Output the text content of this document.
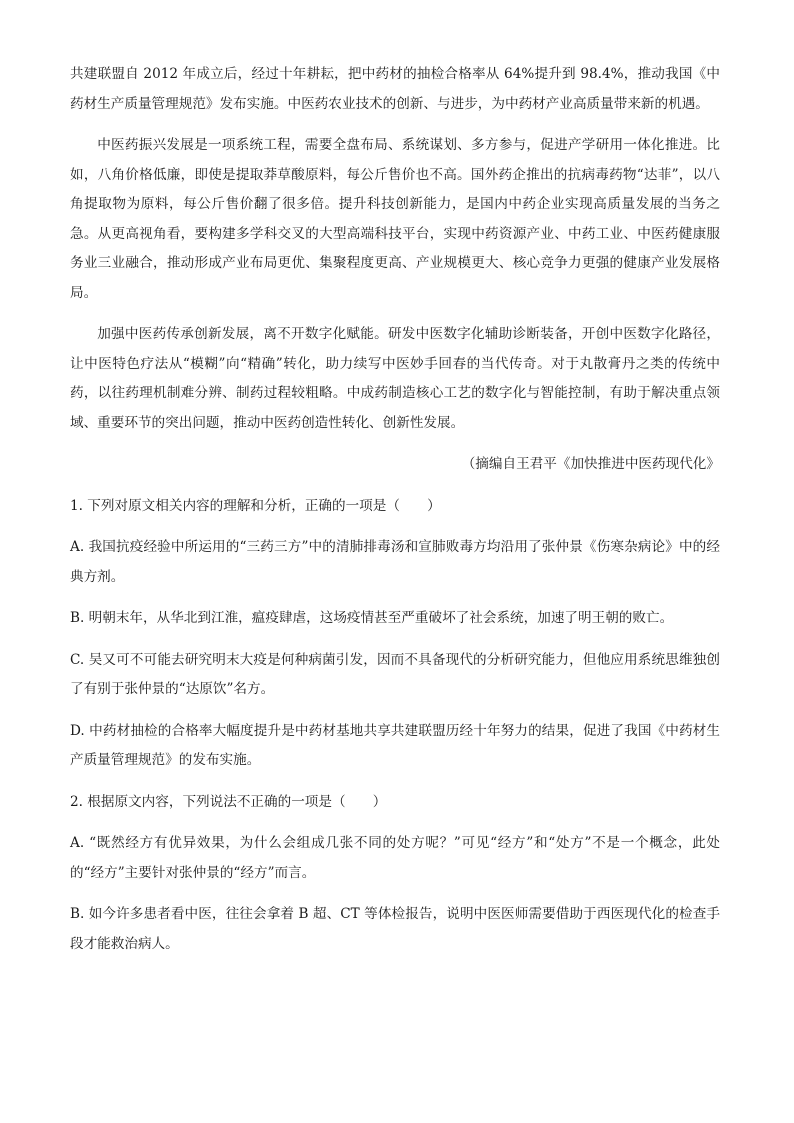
共建联盟自 2012 年成立后，经过十年耕耘，把中药材的抽检合格率从 64%提升到 98.4%，推动我国《中药材生产质量管理规范》发布实施。中医药农业技术的创新、与进步，为中药材产业高质量带来新的机遇。

中医药振兴发展是一项系统工程，需要全盘布局、系统谋划、多方参与，促进产学研用一体化推进。比如，八角价格低廉，即使是提取莽草酸原料，每公斤售价也不高。国外药企推出的抗病毒药物“达菲”，以八角提取物为原料，每公斤售价翻了很多倍。提升科技创新能力，是国内中药企业实现高质量发展的当务之急。从更高视角看，要构建多学科交叉的大型高端科技平台，实现中药资源产业、中药工业、中医药健康服务业三业融合，推动形成产业布局更优、集聚程度更高、产业规模更大、核心竞争力更强的健康产业发展格局。

加强中医药传承创新发展，离不开数字化赋能。研发中医数字化辅助诊断装备，开创中医数字化路径，让中医特色疗法从“模糊”向“精确”转化，助力续写中医妙手回春的当代传奇。对于丸散膏丹之类的传统中药，以往药理机制难分辨、制药过程较粗略。中成药制造核心工艺的数字化与智能控制，有助于解决重点领域、重要环节的突出问题，推动中医药创造性转化、创新性发展。

（摘编自王君平《加快推进中医药现代化》

1. 下列对原文相关内容的理解和分析，正确的一项是（　　）

A. 我国抗疫经验中所运用的“三药三方”中的清肺排毒汤和宣肺败毒方均沿用了张仲景《伤寒杂病论》中的经典方剂。

B. 明朝末年，从华北到江淮，瘟疫肆虐，这场疫情甚至严重破坏了社会系统，加速了明王朝的败亡。

C. 吴又可不可能去研究明末大疫是何种病菌引发，因而不具备现代的分析研究能力，但他应用系统思维独创了有别于张仲景的“达原饮”名方。

D. 中药材抽检的合格率大幅度提升是中药材基地共享共建联盟历经十年努力的结果，促进了我国《中药材生产质量管理规范》的发布实施。

2. 根据原文内容，下列说法不正确的一项是（　　）

A. “既然经方有优异效果，为什么会组成几张不同的处方呢？”可见“经方”和“处方”不是一个概念，此处的“经方”主要针对张仲景的“经方”而言。

B. 如今许多患者看中医，往往会拿着 B 超、CT 等体检报告，说明中医医师需要借助于西医现代化的检查手段才能救治病人。
